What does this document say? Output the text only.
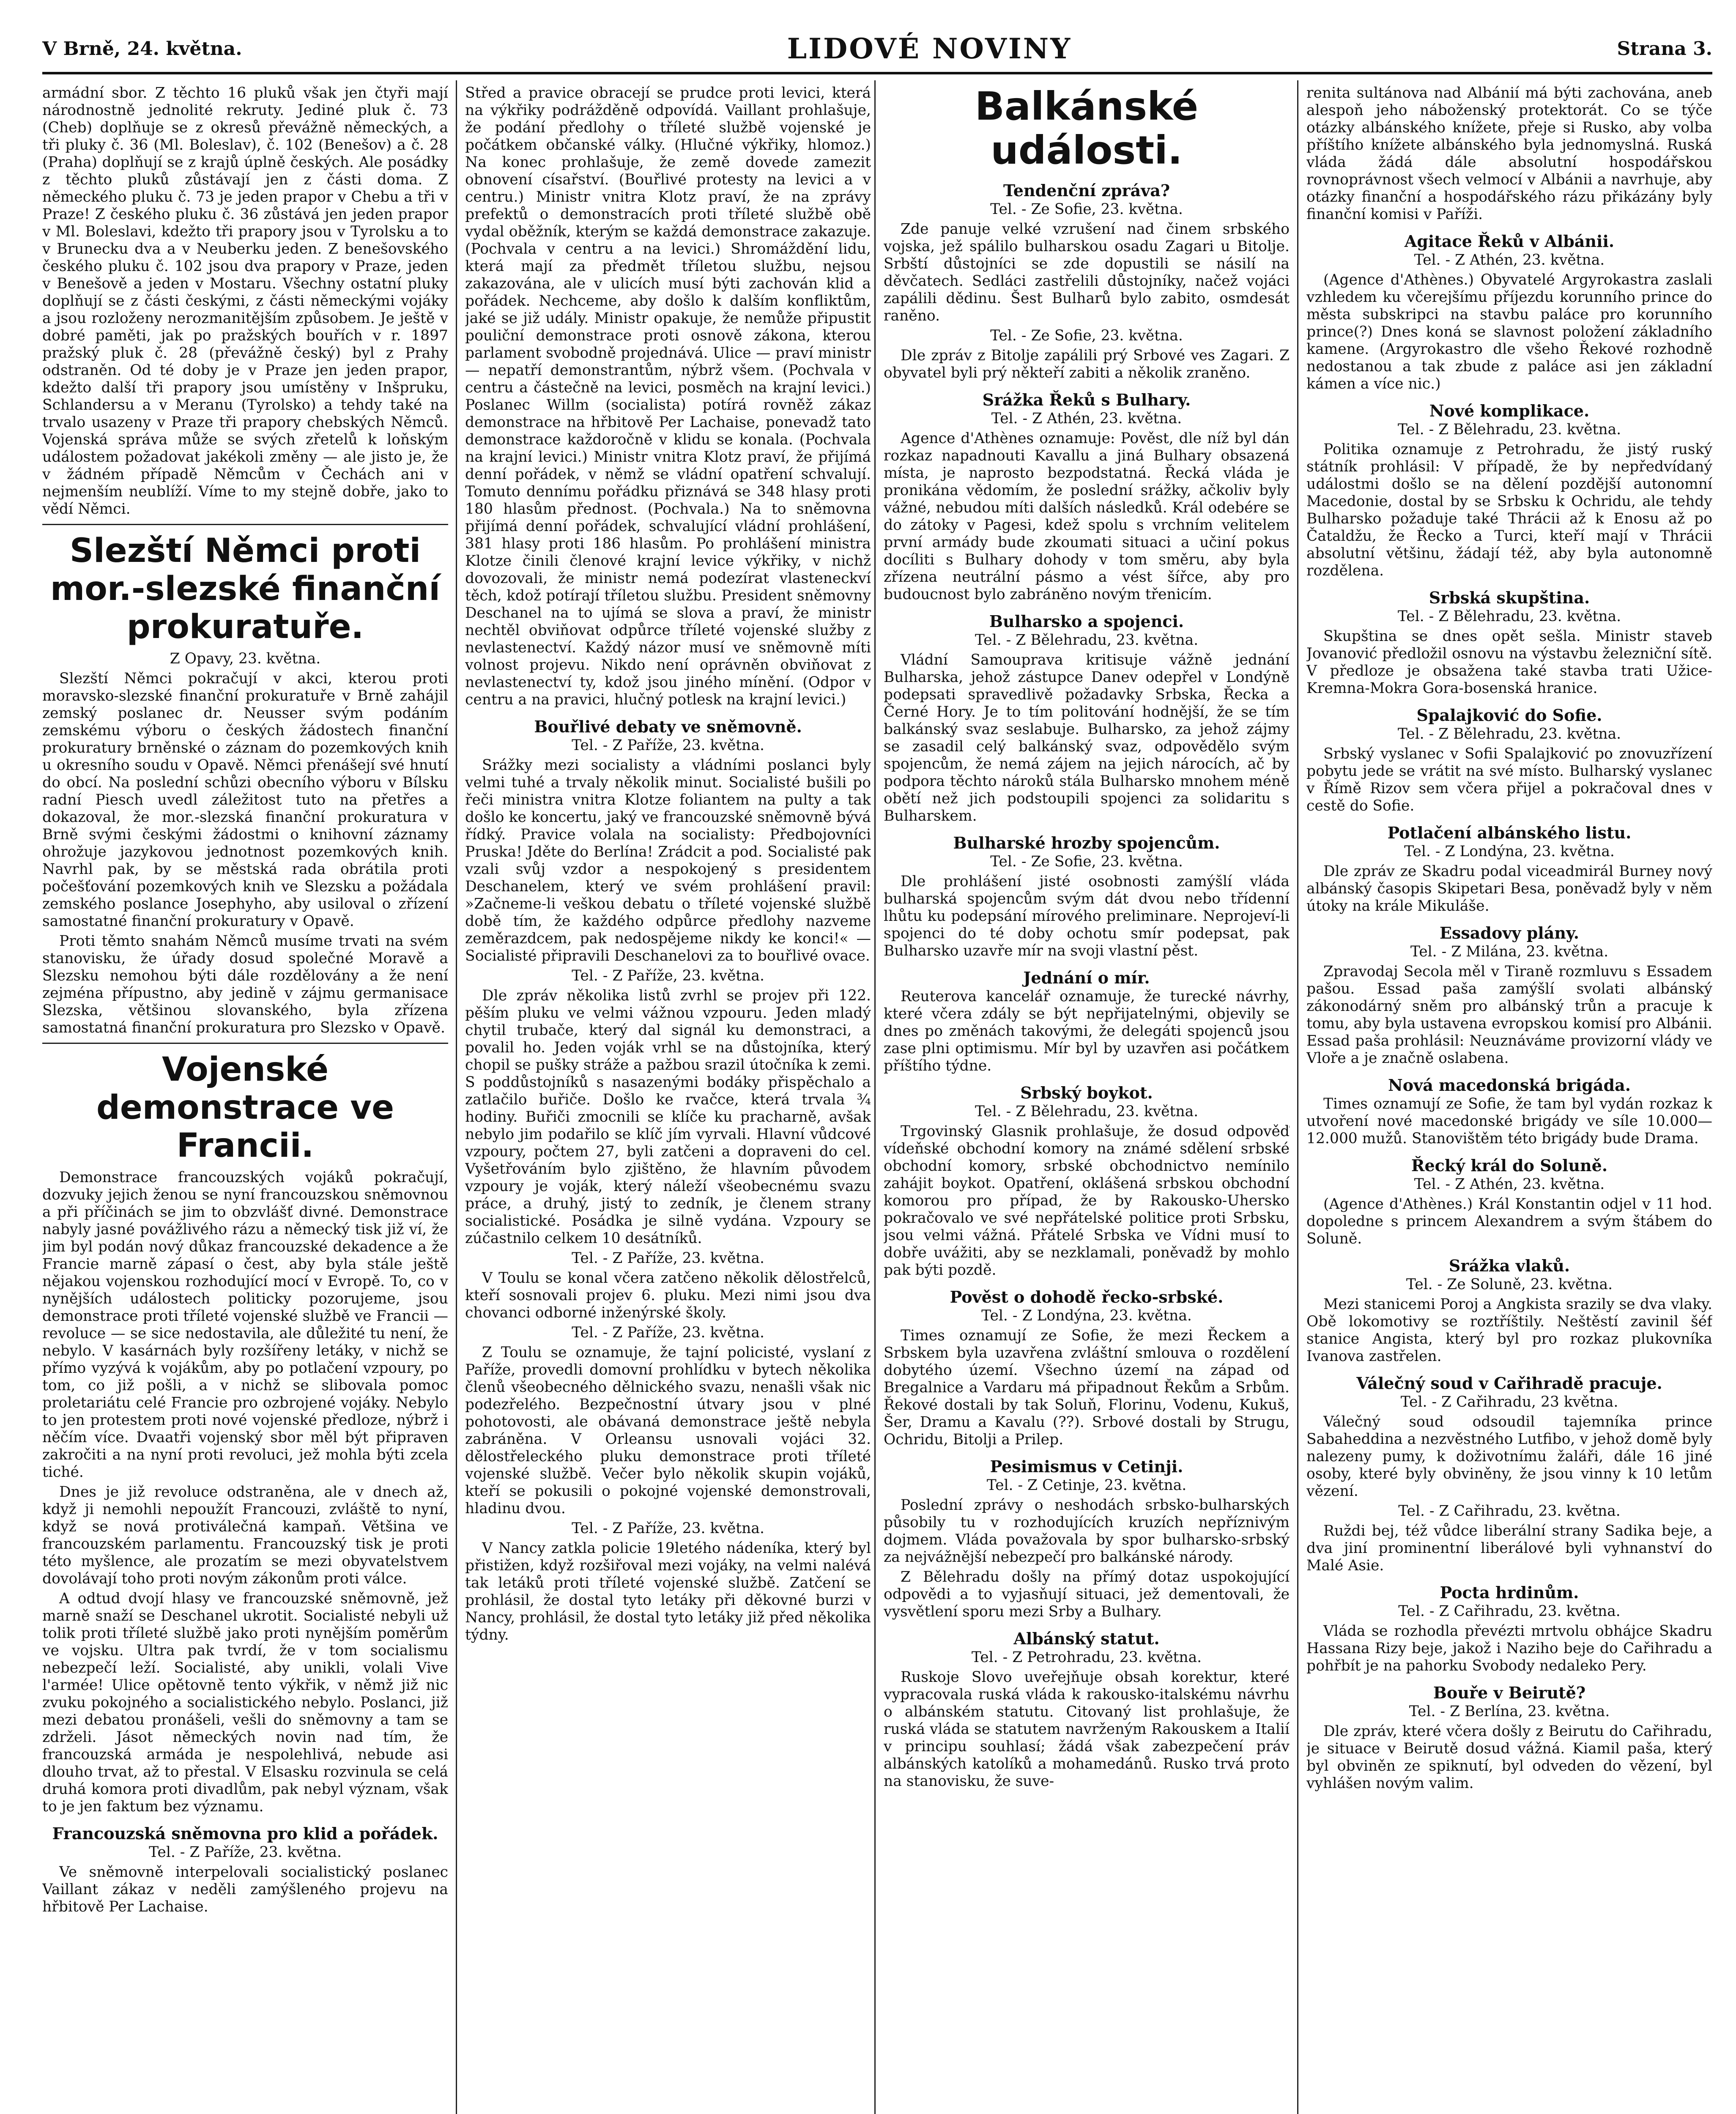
V Brně, 24. května.	LIDOVÉ NOVINY	Strana 3.

armádní sbor. Z těchto 16 pluků však jen čtyři mají národnostně jednolité rekruty. Jediné pluk č. 73 (Cheb) doplňuje se z okresů převážně německých, a tři pluky č. 36 (Ml. Boleslav), č. 102 (Benešov) a č. 28 (Praha) doplňují se z krajů úplně českých. Ale posádky z těchto pluků zůstávají jen z části doma. Z německého pluku č. 73 je jeden prapor v Chebu a tři v Praze! Z českého pluku č. 36 zůstává jen jeden prapor v Ml. Boleslavi, kdežto tři prapory jsou v Tyrolsku a to v Brunecku dva a v Neuberku jeden. Z benešovského českého pluku č. 102 jsou dva prapory v Praze, jeden v Benešově a jeden v Mostaru. Všechny ostatní pluky doplňují se z části českými, z části německými vojáky a jsou rozloženy nerozmanitějším způsobem. Je ještě v dobré paměti, jak po pražských bouřích v r. 1897 pražský pluk č. 28 (převážně český) byl z Prahy odstraněn. Od té doby je v Praze jen jeden prapor, kdežto další tři prapory jsou umístěny v Inšpruku, Schlandersu a v Meranu (Tyrolsko) a tehdy také na trvalo usazeny v Praze tři prapory chebských Němců. Vojenská správa může se svých zřetelů k loňským událostem požadovat jakékoli změny — ale jisto je, že v žádném případě Němcům v Čechách ani v nejmenším neublíží. Víme to my stejně dobře, jako to vědí Němci.

Slezští Němci proti mor.-slezské finanční prokuratuře.
Z Opavy, 23. května.

Slezští Němci pokračují v akci, kterou proti moravsko-slezské finanční prokuratuře v Brně zahájil zemský poslanec dr. Neusser svým podáním zemskému výboru o českých žádostech finanční prokuratury brněnské o záznam do pozemkových knih u okresního soudu v Opavě. Němci přenášejí své hnutí do obcí. Na poslední schůzi obecního výboru v Bílsku radní Piesch uvedl záležitost tuto na přetřes a dokazoval, že mor.-slezská finanční prokuratura v Brně svými českými žádostmi o knihovní záznamy ohrožuje jazykovou jednotnost pozemkových knih. Navrhl pak, by se městská rada obrátila proti počešťování pozemkových knih ve Slezsku a požádala zemského poslance Josephyho, aby usiloval o zřízení samostatné finanční prokuratury v Opavě.

Proti těmto snahám Němců musíme trvati na svém stanovisku, že úřady dosud společné Moravě a Slezsku nemohou býti dále rozdělovány a že není zejména přípustno, aby jedině v zájmu germanisace Slezska, většinou slovanského, byla zřízena samostatná finanční prokuratura pro Slezsko v Opavě.

Vojenské demonstrace ve Francii.

Demonstrace francouzských vojáků pokračují, dozvuky jejich ženou se nyní francouzskou sněmovnou a při příčinách se jim to obzvlášť divné. Demonstrace nabyly jasné povážlivého rázu a německý tisk již ví, že jim byl podán nový důkaz francouzské dekadence a že Francie marně zápasí o čest, aby byla stále ještě nějakou vojenskou rozhodující mocí v Evropě. To, co v nynějších událostech politicky pozorujeme, jsou demonstrace proti tříleté vojenské službě ve Francii — revoluce — se sice nedostavila, ale důležité tu není, že nebylo. V kasárnách byly rozšířeny letáky, v nichž se přímo vyzývá k vojákům, aby po potlačení vzpoury, po tom, co již pošli, a v nichž se slibovala pomoc proletariátu celé Francie pro ozbrojené vojáky. Nebylo to jen protestem proti nové vojenské předloze, nýbrž i něčím více. Dvaatři vojenský sbor měl být připraven zakročiti a na nyní proti revoluci, jež mohla býti zcela tiché.

Dnes je již revoluce odstraněna, ale v dnech až, když ji nemohli nepoužít Francouzi, zvláště to nyní, když se nová protiválečná kampaň. Většina ve francouzském parlamentu. Francouzský tisk je proti této myšlence, ale prozatím se mezi obyvatelstvem dovolávají toho proti novým zákonům proti válce.

A odtud dvojí hlasy ve francouzské sněmovně, jež marně snaží se Deschanel ukrotit. Socialisté nebyli už tolik proti tříleté službě jako proti nynějším poměrům ve vojsku. Ultra pak tvrdí, že v tom socialismu nebezpečí leží. Socialisté, aby unikli, volali Vive l'armée! Ulice opětovně tento výkřik, v němž již nic zvuku pokojného a socialistického nebylo. Poslanci, již mezi debatou pronášeli, vešli do sněmovny a tam se zdrželi. Jásot německých novin nad tím, že francouzská armáda je nespolehlivá, nebude asi dlouho trvat, až to přestal. V Elsasku rozvinula se celá druhá komora proti divadlům, pak nebyl význam, však to je jen faktum bez významu.

Francouzská sněmovna pro klid a pořádek.
Tel. - Z Paříže, 23. května.

Ve sněmovně interpelovali socialistický poslanec Vaillant zákaz v neděli zamýšleného projevu na hřbitově Per Lachaise.

Střed a pravice obracejí se prudce proti levici, která na výkřiky podrážděně odpovídá. Vaillant prohlašuje, že podání předlohy o tříleté službě vojenské je počátkem občanské války. (Hlučné výkřiky, hlomoz.) Na konec prohlašuje, že země dovede zamezit obnovení císařství. (Bouřlivé protesty na levici a v centru.) Ministr vnitra Klotz praví, že na zprávy prefektů o demonstracích proti tříleté službě obě vydal oběžník, kterým se každá demonstrace zakazuje. (Pochvala v centru a na levici.) Shromáždění lidu, která mají za předmět tříletou službu, nejsou zakazována, ale v ulicích musí býti zachován klid a pořádek. Nechceme, aby došlo k dalším konfliktům, jaké se již udály. Ministr opakuje, že nemůže připustit pouliční demonstrace proti osnově zákona, kterou parlament svobodně projednává. Ulice — praví ministr — nepatří demonstrantům, nýbrž všem. (Pochvala v centru a částečně na levici, posměch na krajní levici.) Poslanec Willm (socialista) potírá rovněž zákaz demonstrace na hřbitově Per Lachaise, ponevadž tato demonstrace každoročně v klidu se konala. (Pochvala na krajní levici.) Ministr vnitra Klotz praví, že přijímá denní pořádek, v němž se vládní opatření schvalují. Tomuto dennímu pořádku přiznává se 348 hlasy proti 180 hlasům přednost. (Pochvala.) Na to sněmovna přijímá denní pořádek, schvalující vládní prohlášení, 381 hlasy proti 186 hlasům. Po prohlášení ministra Klotze činili členové krajní levice výkřiky, v nichž dovozovali, že ministr nemá podezírat vlasteneckví těch, kdož potírají tříletou službu. President sněmovny Deschanel na to ujímá se slova a praví, že ministr nechtěl obviňovat odpůrce tříleté vojenské služby z nevlastenectví. Každý názor musí ve sněmovně míti volnost projevu. Nikdo není oprávněn obviňovat z nevlastenectví ty, kdož jsou jiného mínění. (Odpor v centru a na pravici, hlučný potlesk na krajní levici.)

Bouřlivé debaty ve sněmovně.
Tel. - Z Paříže, 23. května.

Srážky mezi socialisty a vládními poslanci byly velmi tuhé a trvaly několik minut. Socialisté bušili po řeči ministra vnitra Klotze foliantem na pulty a tak došlo ke koncertu, jaký ve francouzské sněmovně bývá řídký. Pravice volala na socialisty: Předbojovníci Pruska! Jděte do Berlína! Zrádcit a pod. Socialisté pak vzali svůj vzdor a nespokojený s presidentem Deschanelem, který ve svém prohlášení pravil: »Začneme-li veškou debatu o tříleté vojenské službě době tím, že každého odpůrce předlohy nazveme zeměrazdcem, pak nedospějeme nikdy ke konci!« — Socialisté připravili Deschanelovi za to bouřlivé ovace.

Tel. - Z Paříže, 23. května.

Dle zpráv několika listů zvrhl se projev při 122. pěším pluku ve velmi vážnou vzpouru. Jeden mladý chytil trubače, který dal signál ku demonstraci, a povalil ho. Jeden voják vrhl se na důstojníka, který chopil se pušky stráže a pažbou srazil útočníka k zemi. S poddůstojníků s nasazenými bodáky přispěchalo a zatlačilo buřiče. Došlo ke rvačce, která trvala ¾ hodiny. Buřiči zmocnili se klíče ku pracharně, avšak nebylo jim podařilo se klíč jím vyrvali. Hlavní vůdcové vzpoury, počtem 27, byli zatčeni a dopraveni do cel. Vyšetřováním bylo zjištěno, že hlavním původem vzpoury je voják, který náleží všeobecnému svazu práce, a druhý, jistý to zedník, je členem strany socialistické. Posádka je silně vydána. Vzpoury se zúčastnilo celkem 10 desátníků.

Tel. - Z Paříže, 23. května.

V Toulu se konal včera zatčeno několik dělostřelců, kteří sosnovali projev 6. pluku. Mezi nimi jsou dva chovanci odborné inženýrské školy.

Tel. - Z Paříže, 23. května.

Z Toulu se oznamuje, že tajní policisté, vyslaní z Paříže, provedli domovní prohlídku v bytech několika členů všeobecného dělnického svazu, nenašli však nic podezřelého. Bezpečnostní útvary jsou v plné pohotovosti, ale obávaná demonstrace ještě nebyla zabráněna. V Orleansu usnovali vojáci 32. dělostřeleckého pluku demonstrace proti tříleté vojenské službě. Večer bylo několik skupin vojáků, kteří se pokusili o pokojné vojenské demonstrovali, hladinu dvou.

Tel. - Z Paříže, 23. května.

V Nancy zatkla policie 19letého nádeníka, který byl přistižen, když rozšiřoval mezi vojáky, na velmi nalévá tak letáků proti tříleté vojenské službě. Zatčení se prohlásil, že dostal tyto letáky při děkovné burzi v Nancy, prohlásil, že dostal tyto letáky již před několika týdny.

Balkánské události.
Tendenční zpráva?
Tel. - Ze Sofie, 23. května.

Zde panuje velké vzrušení nad činem srbského vojska, jež spálilo bulharskou osadu Zagari u Bitolje. Srbští důstojníci se zde dopustili se násilí na děvčatech. Sedláci zastřelili důstojníky, načež vojáci zapálili dědinu. Šest Bulharů bylo zabito, osmdesát raněno.

Tel. - Ze Sofie, 23. května.

Dle zpráv z Bitolje zapálili prý Srbové ves Zagari. Z obyvatel byli prý někteří zabiti a několik zraněno.

Srážka Řeků s Bulhary.
Tel. - Z Athén, 23. května.

Agence d'Athènes oznamuje: Pověst, dle níž byl dán rozkaz napadnouti Kavallu a jiná Bulhary obsazená místa, je naprosto bezpodstatná. Řecká vláda je pronikána vědomím, že poslední srážky, ačkoliv byly vážné, nebudou míti dalších následků. Král odebére se do zátoky v Pagesi, kdež spolu s vrchním velitelem první armády bude zkoumati situaci a učiní pokus docíliti s Bulhary dohody v tom směru, aby byla zřízena neutrální pásmo a vést šířce, aby pro budoucnost bylo zabráněno novým třenicím.

Bulharsko a spojenci.
Tel. - Z Bělehradu, 23. května.

Vládní Samouprava kritisuje vážně jednání Bulharska, jehož zástupce Danev odepřel v Londýně podepsati spravedlivě požadavky Srbska, Řecka a Černé Hory. Je to tím politování hodnější, že se tím balkánský svaz seslabuje. Bulharsko, za jehož zájmy se zasadil celý balkánský svaz, odpovědělo svým spojencům, že nemá zájem na jejich nárocích, ač by podpora těchto nároků stála Bulharsko mnohem méně obětí než jich podstoupili spojenci za solidaritu s Bulharskem.

Bulharské hrozby spojencům.
Tel. - Ze Sofie, 23. května.

Dle prohlášení jisté osobnosti zamýšlí vláda bulharská spojencům svým dát dvou nebo třídenní lhůtu ku podepsání mírového preliminare. Neprojeví-li spojenci do té doby ochotu smír podepsat, pak Bulharsko uzavře mír na svoji vlastní pěst.

Jednání o mír.

Reuterova kancelář oznamuje, že turecké návrhy, které včera zdály se být nepřijatelnými, objevily se dnes po změnách takovými, že delegáti spojenců jsou zase plni optimismu. Mír byl by uzavřen asi počátkem příštího týdne.

Srbský boykot.
Tel. - Z Bělehradu, 23. května.

Trgovinský Glasnik prohlašuje, že dosud odpověď vídeňské obchodní komory na známé sdělení srbské obchodní komory, srbské obchodnictvo nemínilo zahájit boykot. Opatření, oklášená srbskou obchodní komorou pro případ, že by Rakousko-Uhersko pokračovalo ve své nepřátelské politice proti Srbsku, jsou velmi vážná. Přátelé Srbska ve Vídni musí to dobře uvážiti, aby se nezklamali, poněvadž by mohlo pak býti pozdě.

Pověst o dohodě řecko-srbské.
Tel. - Z Londýna, 23. května.

Times oznamují ze Sofie, že mezi Řeckem a Srbskem byla uzavřena zvláštní smlouva o rozdělení dobytého území. Všechno území na západ od Bregalnice a Vardaru má připadnout Řekům a Srbům. Řekové dostali by tak Soluň, Florinu, Vodenu, Kukuš, Šer, Dramu a Kavalu (??). Srbové dostali by Strugu, Ochridu, Bitolji a Prilep.

Pesimismus v Cetinji.
Tel. - Z Cetinje, 23. května.

Poslední zprávy o neshodách srbsko-bulharských působily tu v rozhodujících kruzích nepříznivým dojmem. Vláda považovala by spor bulharsko-srbský za nejvážnější nebezpečí pro balkánské národy.

Z Bělehradu došly na přímý dotaz uspokojující odpovědi a to vyjasňují situaci, jež dementovali, že vysvětlení sporu mezi Srby a Bulhary.

Albánský statut.
Tel. - Z Petrohradu, 23. května.

Ruskoje Slovo uveřejňuje obsah korektur, které vypracovala ruská vláda k rakousko-italskému návrhu o albánském statutu. Citovaný list prohlašuje, že ruská vláda se statutem navrženým Rakouskem a Italií v principu souhlasí; žádá však zabezpečení práv albánských katolíků a mohamedánů. Rusko trvá proto na stanovisku, že suve-

renita sultánova nad Albánií má býti zachována, aneb alespoň jeho náboženský protektorát. Co se týče otázky albánského knížete, přeje si Rusko, aby volba příštího knížete albánského byla jednomyslná. Ruská vláda žádá dále absolutní hospodářskou rovnoprávnost všech velmocí v Albánii a navrhuje, aby otázky finanční a hospodářského rázu přikázány byly finanční komisi v Paříži.

Agitace Řeků v Albánii.
Tel. - Z Athén, 23. května.

(Agence d'Athènes.) Obyvatelé Argyrokastra zaslali vzhledem ku včerejšímu příjezdu korunního prince do města subskripci na stavbu paláce pro korunního prince(?) Dnes koná se slavnost položení základního kamene. (Argyrokastro dle všeho Řekové rozhodně nedostanou a tak zbude z paláce asi jen základní kámen a více nic.)

Nové komplikace.
Tel. - Z Bělehradu, 23. května.

Politika oznamuje z Petrohradu, že jistý ruský státník prohlásil: V případě, že by nepředvídaný událostmi došlo se na dělení pozdější autonomní Macedonie, dostal by se Srbsku k Ochridu, ale tehdy Bulharsko požaduje také Thrácii až k Enosu až po Čataldžu, že Řecko a Turci, kteří mají v Thrácii absolutní většinu, žádají též, aby byla autonomně rozdělena.

Srbská skupština.
Tel. - Z Bělehradu, 23. května.

Skupština se dnes opět sešla. Ministr staveb Jovanović předložil osnovu na výstavbu železniční sítě. V předloze je obsažena také stavba trati Užice-Kremna-Mokra Gora-bosenská hranice.

Spalajković do Sofie.
Tel. - Z Bělehradu, 23. května.

Srbský vyslanec v Sofii Spalajković po znovuzřízení pobytu jede se vrátit na své místo. Bulharský vyslanec v Římě Rizov sem včera přijel a pokračoval dnes v cestě do Sofie.

Potlačení albánského listu.
Tel. - Z Londýna, 23. května.

Dle zpráv ze Skadru podal viceadmirál Burney nový albánský časopis Skipetari Besa, poněvadž byly v něm útoky na krále Mikuláše.

Essadovy plány.
Tel. - Z Milána, 23. května.

Zpravodaj Secola měl v Tiraně rozmluvu s Essadem pašou. Essad paša zamýšlí svolati albánský zákonodárný sněm pro albánský trůn a pracuje k tomu, aby byla ustavena evropskou komisí pro Albánii. Essad paša prohlásil: Neuznáváme provizorní vlády ve Vloře a je značně oslabena.

Nová macedonská brigáda.

Times oznamují ze Sofie, že tam byl vydán rozkaz k utvoření nové macedonské brigády ve síle 10.000—12.000 mužů. Stanovištěm této brigády bude Drama.

Řecký král do Soluně.
Tel. - Z Athén, 23. května.

(Agence d'Athènes.) Král Konstantin odjel v 11 hod. dopoledne s princem Alexandrem a svým štábem do Soluně.

Srážka vlaků.
Tel. - Ze Soluně, 23. května.

Mezi stanicemi Poroj a Angkista srazily se dva vlaky. Obě lokomotivy se roztříštily. Neštěstí zavinil šéf stanice Angista, který byl pro rozkaz plukovníka Ivanova zastřelen.

Válečný soud v Cařihradě pracuje.
Tel. - Z Cařihradu, 23 května.

Válečný soud odsoudil tajemníka prince Sabaheddina a nezvěstného Lutfibo, v jehož domě byly nalezeny pumy, k doživotnímu žaláři, dále 16 jiné osoby, které byly obviněny, že jsou vinny k 10 letům vězení.

Tel. - Z Cařihradu, 23. května.

Ruždi bej, též vůdce liberální strany Sadika beje, a dva jiní prominentní liberálové byli vyhnanství do Malé Asie.

Pocta hrdinům.
Tel. - Z Cařihradu, 23. května.

Vláda se rozhodla převézti mrtvolu obhájce Skadru Hassana Rizy beje, jakož i Naziho beje do Cařihradu a pohřbít je na pahorku Svobody nedaleko Pery.

Bouře v Beirutě?
Tel. - Z Berlína, 23. května.

Dle zpráv, které včera došly z Beirutu do Cařihradu, je situace v Beirutě dosud vážná. Kiamil paša, který byl obviněn ze spiknutí, byl odveden do vězení, byl vyhlášen novým valim.
